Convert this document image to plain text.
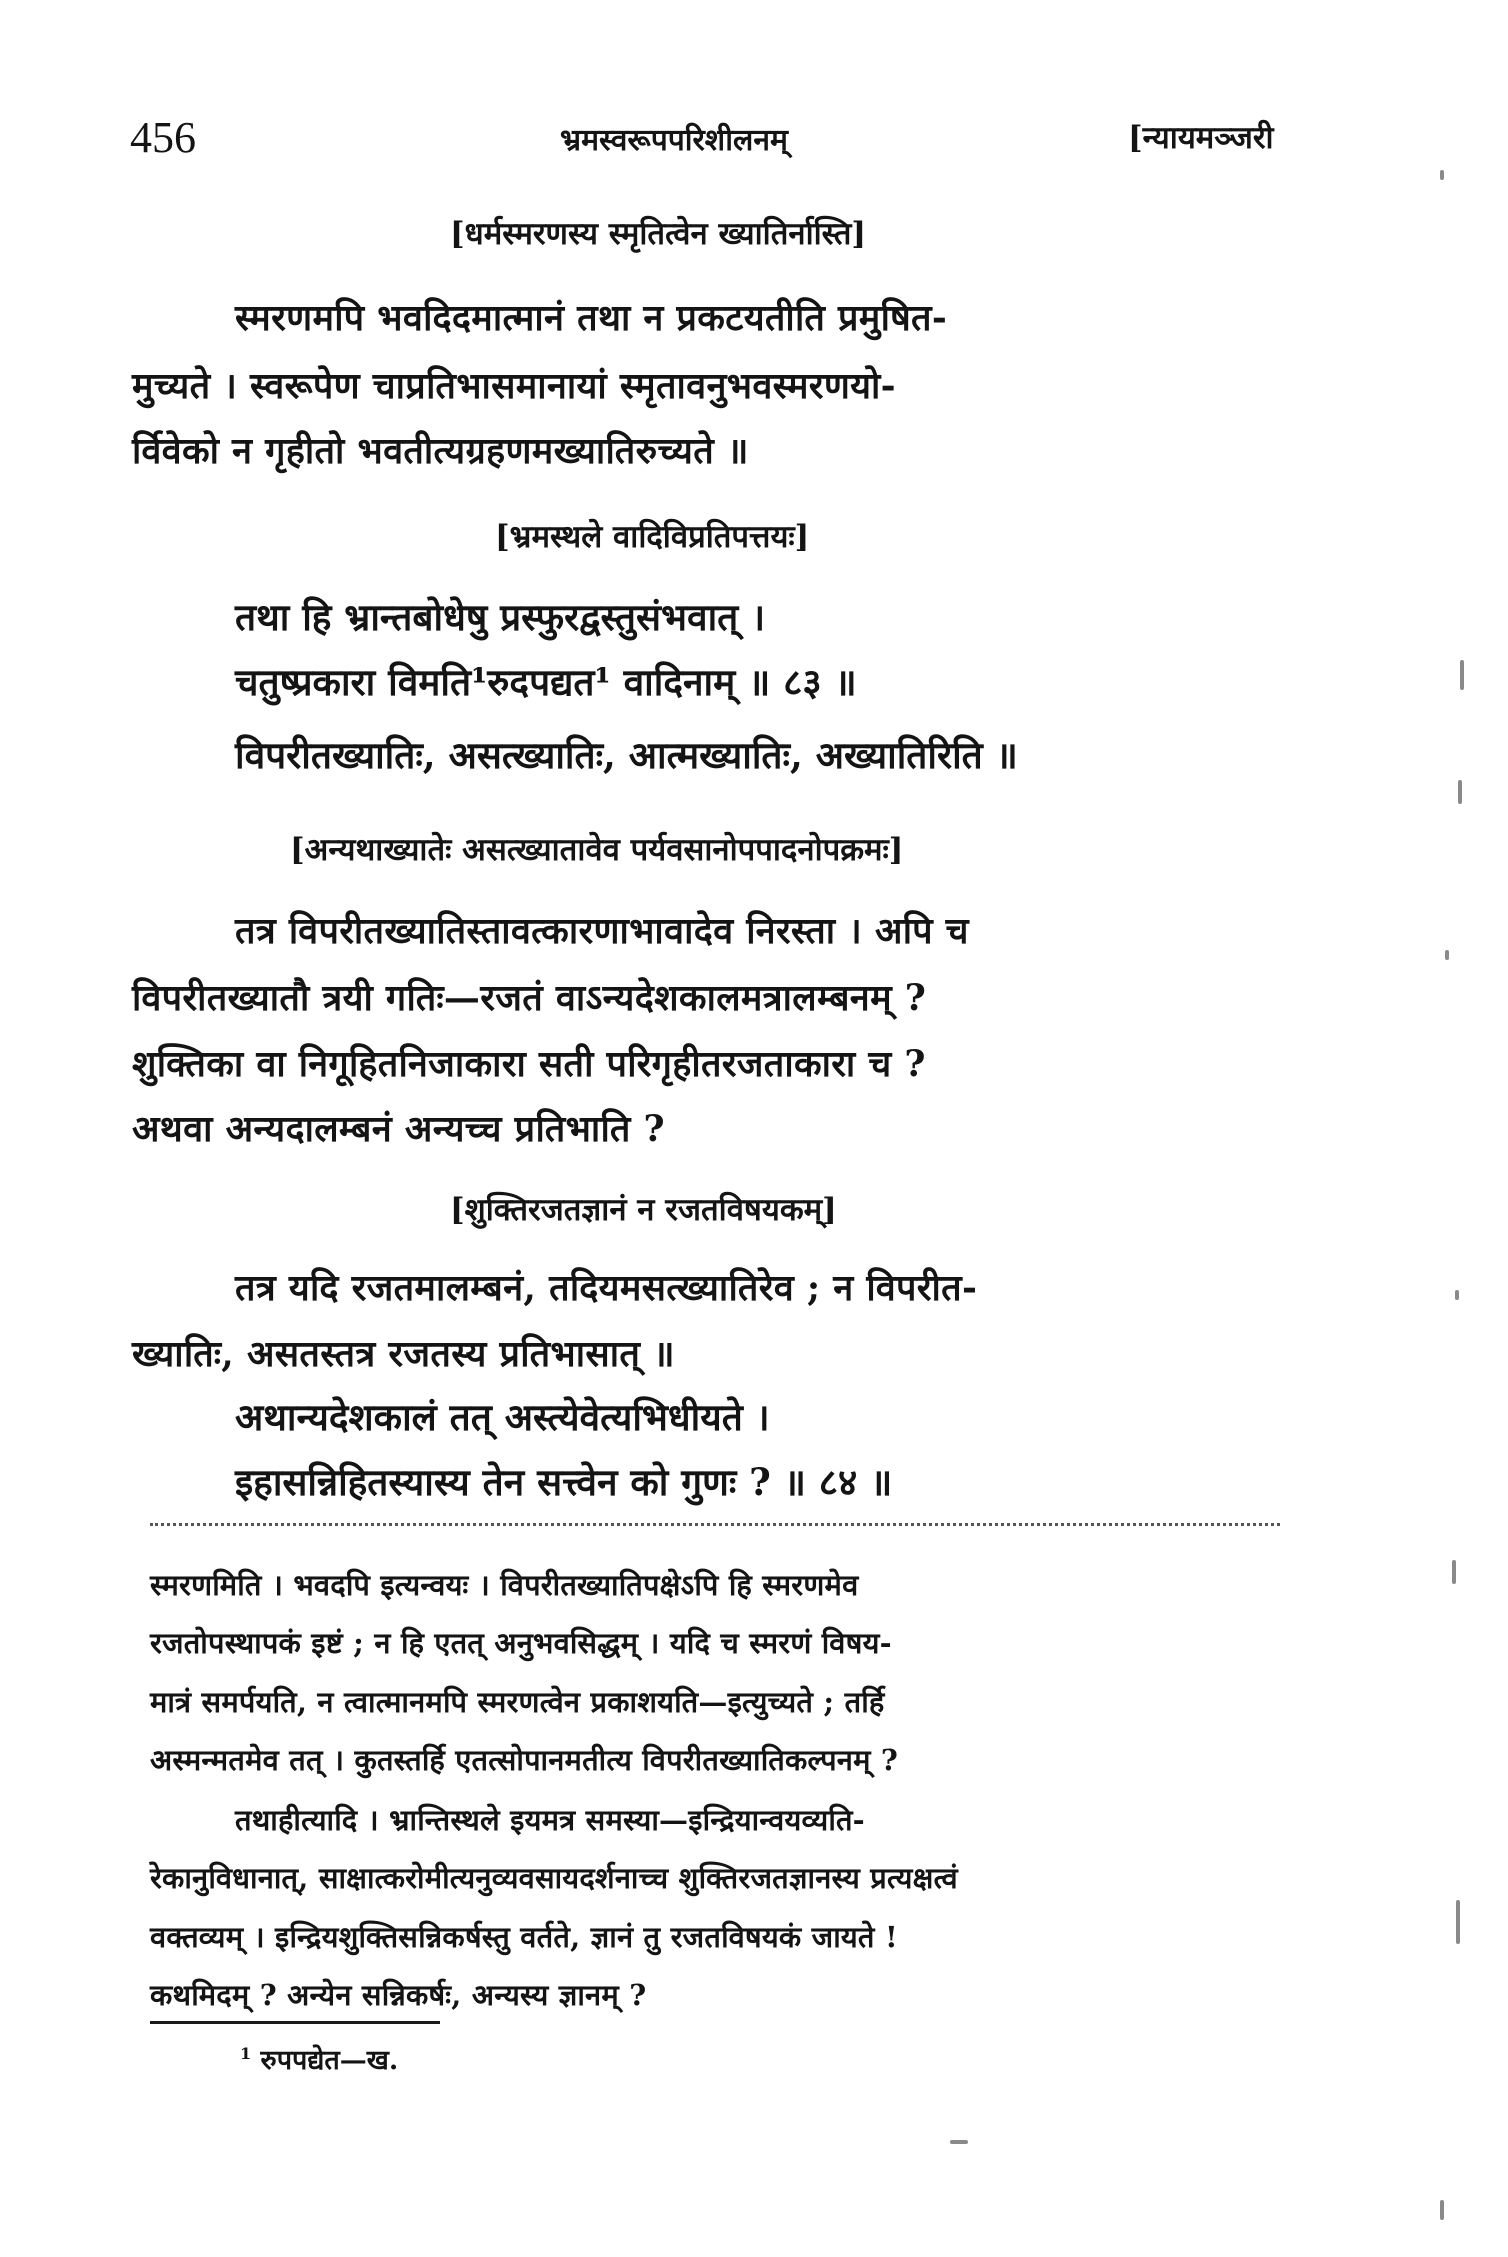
456	भ्रमस्वरूपपरिशीलनम्	[न्यायमञ्जरी
[धर्मस्मरणस्य स्मृतित्वेन ख्यातिर्नास्ति]
स्मरणमपि भवदिदमात्मानं तथा न प्रकटयतीति प्रमुषित-
मुच्यते । स्वरूपेण चाप्रतिभासमानायां स्मृतावनुभवस्मरणयो-
र्विवेको न गृहीतो भवतीत्यग्रहणमख्यातिरुच्यते ॥
[भ्रमस्थले वादिविप्रतिपत्तयः]
तथा हि भ्रान्तबोधेषु प्रस्फुरद्वस्तुसंभवात् ।
चतुष्प्रकारा विमति¹रुदपद्यत¹ वादिनाम् ॥ ८३ ॥
विपरीतख्यातिः, असत्ख्यातिः, आत्मख्यातिः, अख्यातिरिति ॥
[अन्यथाख्यातेः असत्ख्यातावेव पर्यवसानोपपादनोपक्रमः]
तत्र विपरीतख्यातिस्तावत्कारणाभावादेव निरस्ता । अपि च
विपरीतख्यातौ त्रयी गतिः—रजतं वाऽन्यदेशकालमत्रालम्बनम् ?
शुक्तिका वा निगूहितनिजाकारा सती परिगृहीतरजताकारा च ?
अथवा अन्यदालम्बनं अन्यच्च प्रतिभाति ?
[शुक्तिरजतज्ञानं न रजतविषयकम्]
तत्र यदि रजतमालम्बनं, तदियमसत्ख्यातिरेव ; न विपरीत-
ख्यातिः, असतस्तत्र रजतस्य प्रतिभासात् ॥
अथान्यदेशकालं तत् अस्त्येवेत्यभिधीयते ।
इहासन्निहितस्यास्य तेन सत्त्वेन को गुणः ? ॥ ८४ ॥
स्मरणमिति । भवदपि इत्यन्वयः । विपरीतख्यातिपक्षेऽपि हि स्मरणमेव
रजतोपस्थापकं इष्टं ; न हि एतत् अनुभवसिद्धम् । यदि च स्मरणं विषय-
मात्रं समर्पयति, न त्वात्मानमपि स्मरणत्वेन प्रकाशयति—इत्युच्यते ; तर्हि
अस्मन्मतमेव तत् । कुतस्तर्हि एतत्सोपानमतीत्य विपरीतख्यातिकल्पनम् ?
तथाहीत्यादि । भ्रान्तिस्थले इयमत्र समस्या—इन्द्रियान्वयव्यति-
रेकानुविधानात्, साक्षात्करोमीत्यनुव्यवसायदर्शनाच्च शुक्तिरजतज्ञानस्य प्रत्यक्षत्वं
वक्तव्यम् । इन्द्रियशुक्तिसन्निकर्षस्तु वर्तते, ज्ञानं तु रजतविषयकं जायते !
कथमिदम् ? अन्येन सन्निकर्षः, अन्यस्य ज्ञानम् ?
$^1$ रुपपद्येत—ख.
